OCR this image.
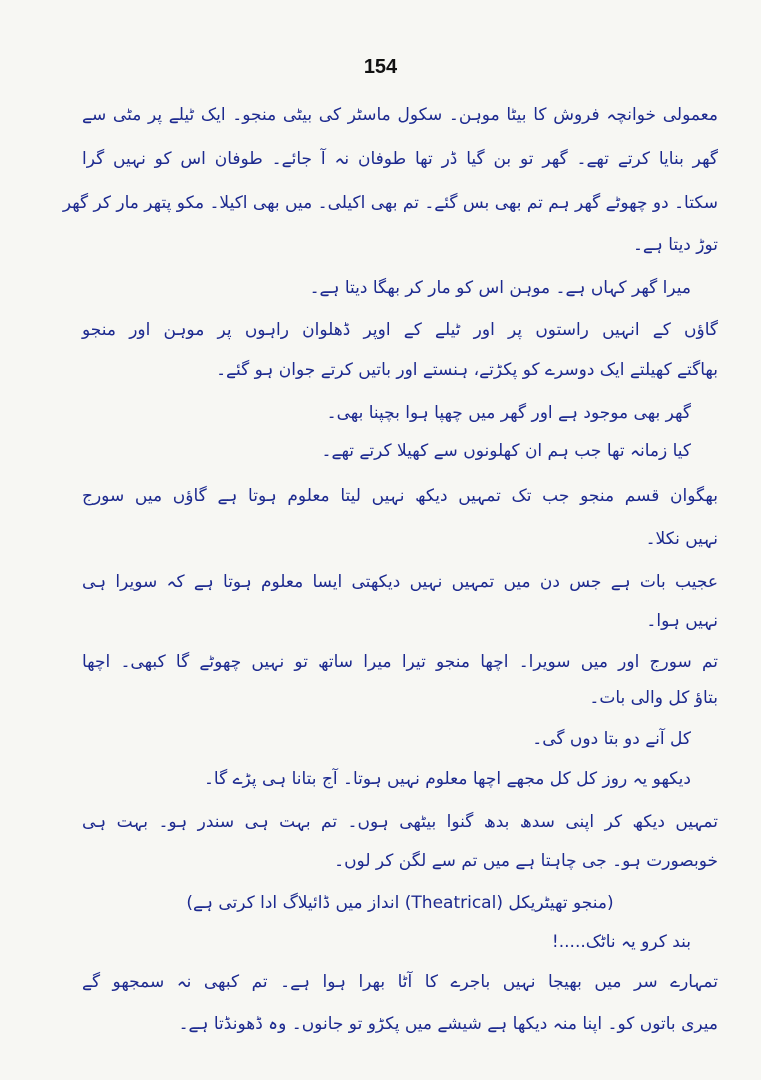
154
معمولی خوانچہ فروش کا بیٹا موہن۔ سکول ماسٹر کی بیٹی منجو۔ ایک ٹیلے پر مٹی سے
گھر بنایا کرتے تھے۔ گھر تو بن گیا ڈر تھا طوفان نہ آ جائے۔ طوفان اس کو نہیں گرا
سکتا۔ دو چھوٹے گھر ہم تم بھی بس گئے۔ تم بھی اکیلی۔ میں بھی اکیلا۔ مکو پتھر مار کر گھر
توڑ دیتا ہے۔
میرا گھر کہاں ہے۔ موہن اس کو مار کر بھگا دیتا ہے۔
گاؤں کے انہیں راستوں پر اور ٹیلے کے اوپر ڈھلوان راہوں پر موہن اور منجو
بھاگتے کھیلتے ایک دوسرے کو پکڑتے، ہنستے اور باتیں کرتے جوان ہو گئے۔
گھر بھی موجود ہے اور گھر میں چھپا ہوا بچپنا بھی۔
کیا زمانہ تھا جب ہم ان کھلونوں سے کھیلا کرتے تھے۔
بھگوان قسم منجو جب تک تمہیں دیکھ نہیں لیتا معلوم ہوتا ہے گاؤں میں سورج
نہیں نکلا۔
عجیب بات ہے جس دن میں تمہیں نہیں دیکھتی ایسا معلوم ہوتا ہے کہ سویرا ہی
نہیں ہوا۔
تم سورج اور میں سویرا۔ اچھا منجو تیرا میرا ساتھ تو نہیں چھوٹے گا کبھی۔ اچھا
بتاؤ کل والی بات۔
کل آنے دو بتا دوں گی۔
دیکھو یہ روز کل کل مجھے اچھا معلوم نہیں ہوتا۔ آج بتانا ہی پڑے گا۔
تمہیں دیکھ کر اپنی سدھ بدھ گنوا بیٹھی ہوں۔ تم بہت ہی سندر ہو۔ بہت ہی
خوبصورت ہو۔ جی چاہتا ہے میں تم سے لگن کر لوں۔
(منجو تھیٹریکل (Theatrical) انداز میں ڈائیلاگ ادا کرتی ہے)
بند کرو یہ ناٹک.....!
تمہارے سر میں بھیجا نہیں باجرے کا آٹا بھرا ہوا ہے۔ تم کبھی نہ سمجھو گے
میری باتوں کو۔ اپنا منہ دیکھا ہے شیشے میں پکڑو تو جانوں۔ وہ ڈھونڈتا ہے۔
